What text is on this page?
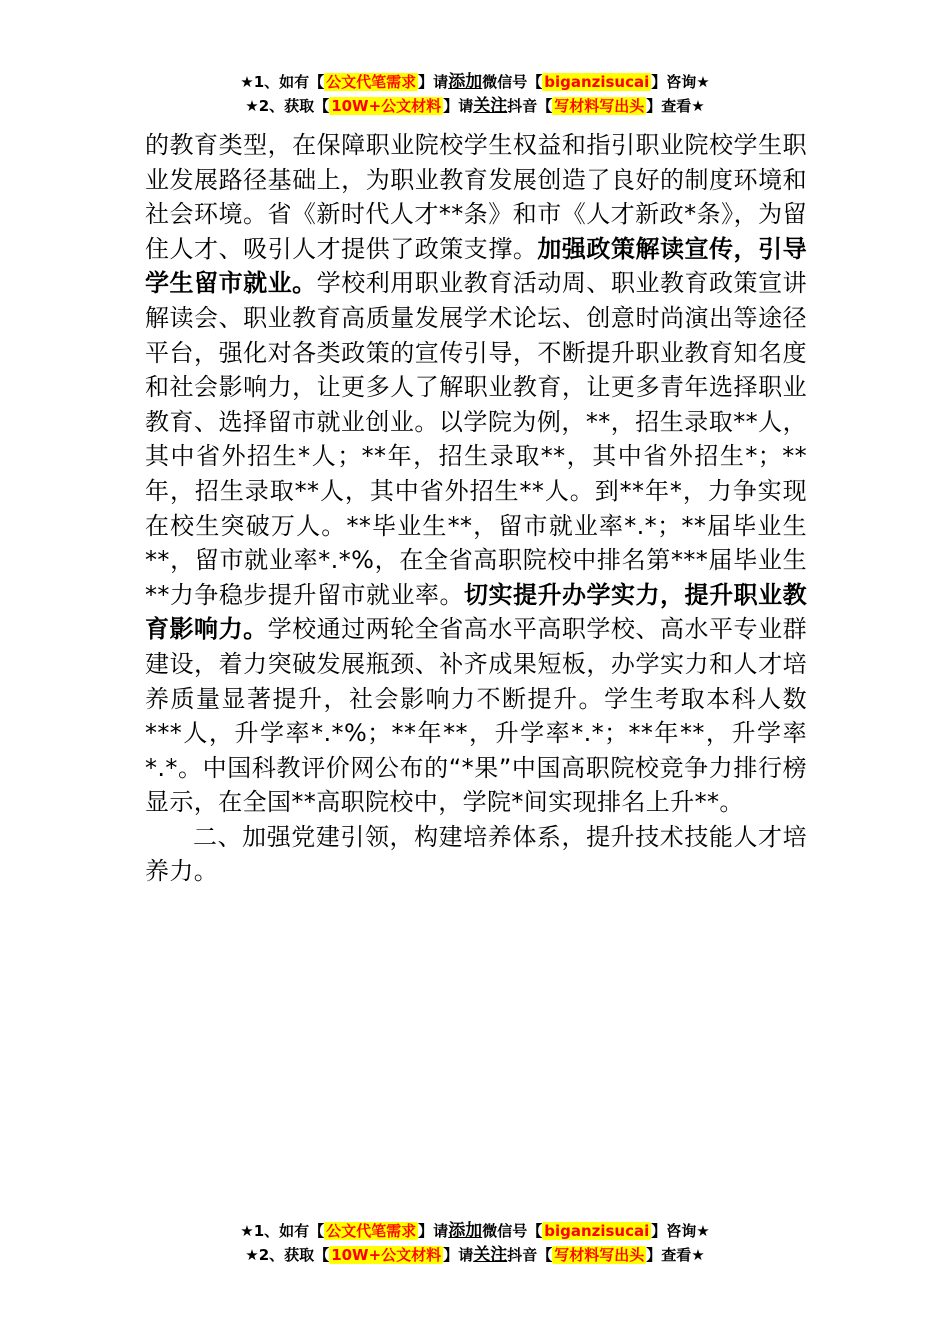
★1、如有【 公文代笔需求 】请添加微信号【 biganzisucai 】咨询★
★2、获取【 10W+公文材料 】请关注抖音【 写材料写出头 】查看★

的教育类型，在保障职业院校学生权益和指引职业院校学生职业发展路径基础上，为职业教育发展创造了良好的制度环境和社会环境。省《新时代人才**条》和市《人才新政*条》，为留住人才、吸引人才提供了政策支撑。加强政策解读宣传，引导学生留市就业。学校利用职业教育活动周、职业教育政策宣讲解读会、职业教育高质量发展学术论坛、创意时尚演出等途径平台，强化对各类政策的宣传引导，不断提升职业教育知名度和社会影响力，让更多人了解职业教育，让更多青年选择职业教育、选择留市就业创业。以学院为例，**，招生录取**人，其中省外招生*人；**年，招生录取**，其中省外招生*；**年，招生录取**人，其中省外招生**人。到**年*，力争实现在校生突破万人。**毕业生**，留市就业率*.*；**届毕业生**，留市就业率*.*%，在全省高职院校中排名第***届毕业生**力争稳步提升留市就业率。切实提升办学实力，提升职业教育影响力。学校通过两轮全省高水平高职学校、高水平专业群建设，着力突破发展瓶颈、补齐成果短板，办学实力和人才培养质量显著提升，社会影响力不断提升。学生考取本科人数***人，升学率*.*%；**年**，升学率*.*；**年**，升学率*.*。中国科教评价网公布的“*果”中国高职院校竞争力排行榜显示，在全国**高职院校中，学院*间实现排名上升**。

二、加强党建引领，构建培养体系，提升技术技能人才培养力。

★1、如有【 公文代笔需求 】请添加微信号【 biganzisucai 】咨询★
★2、获取【 10W+公文材料 】请关注抖音【 写材料写出头 】查看★
